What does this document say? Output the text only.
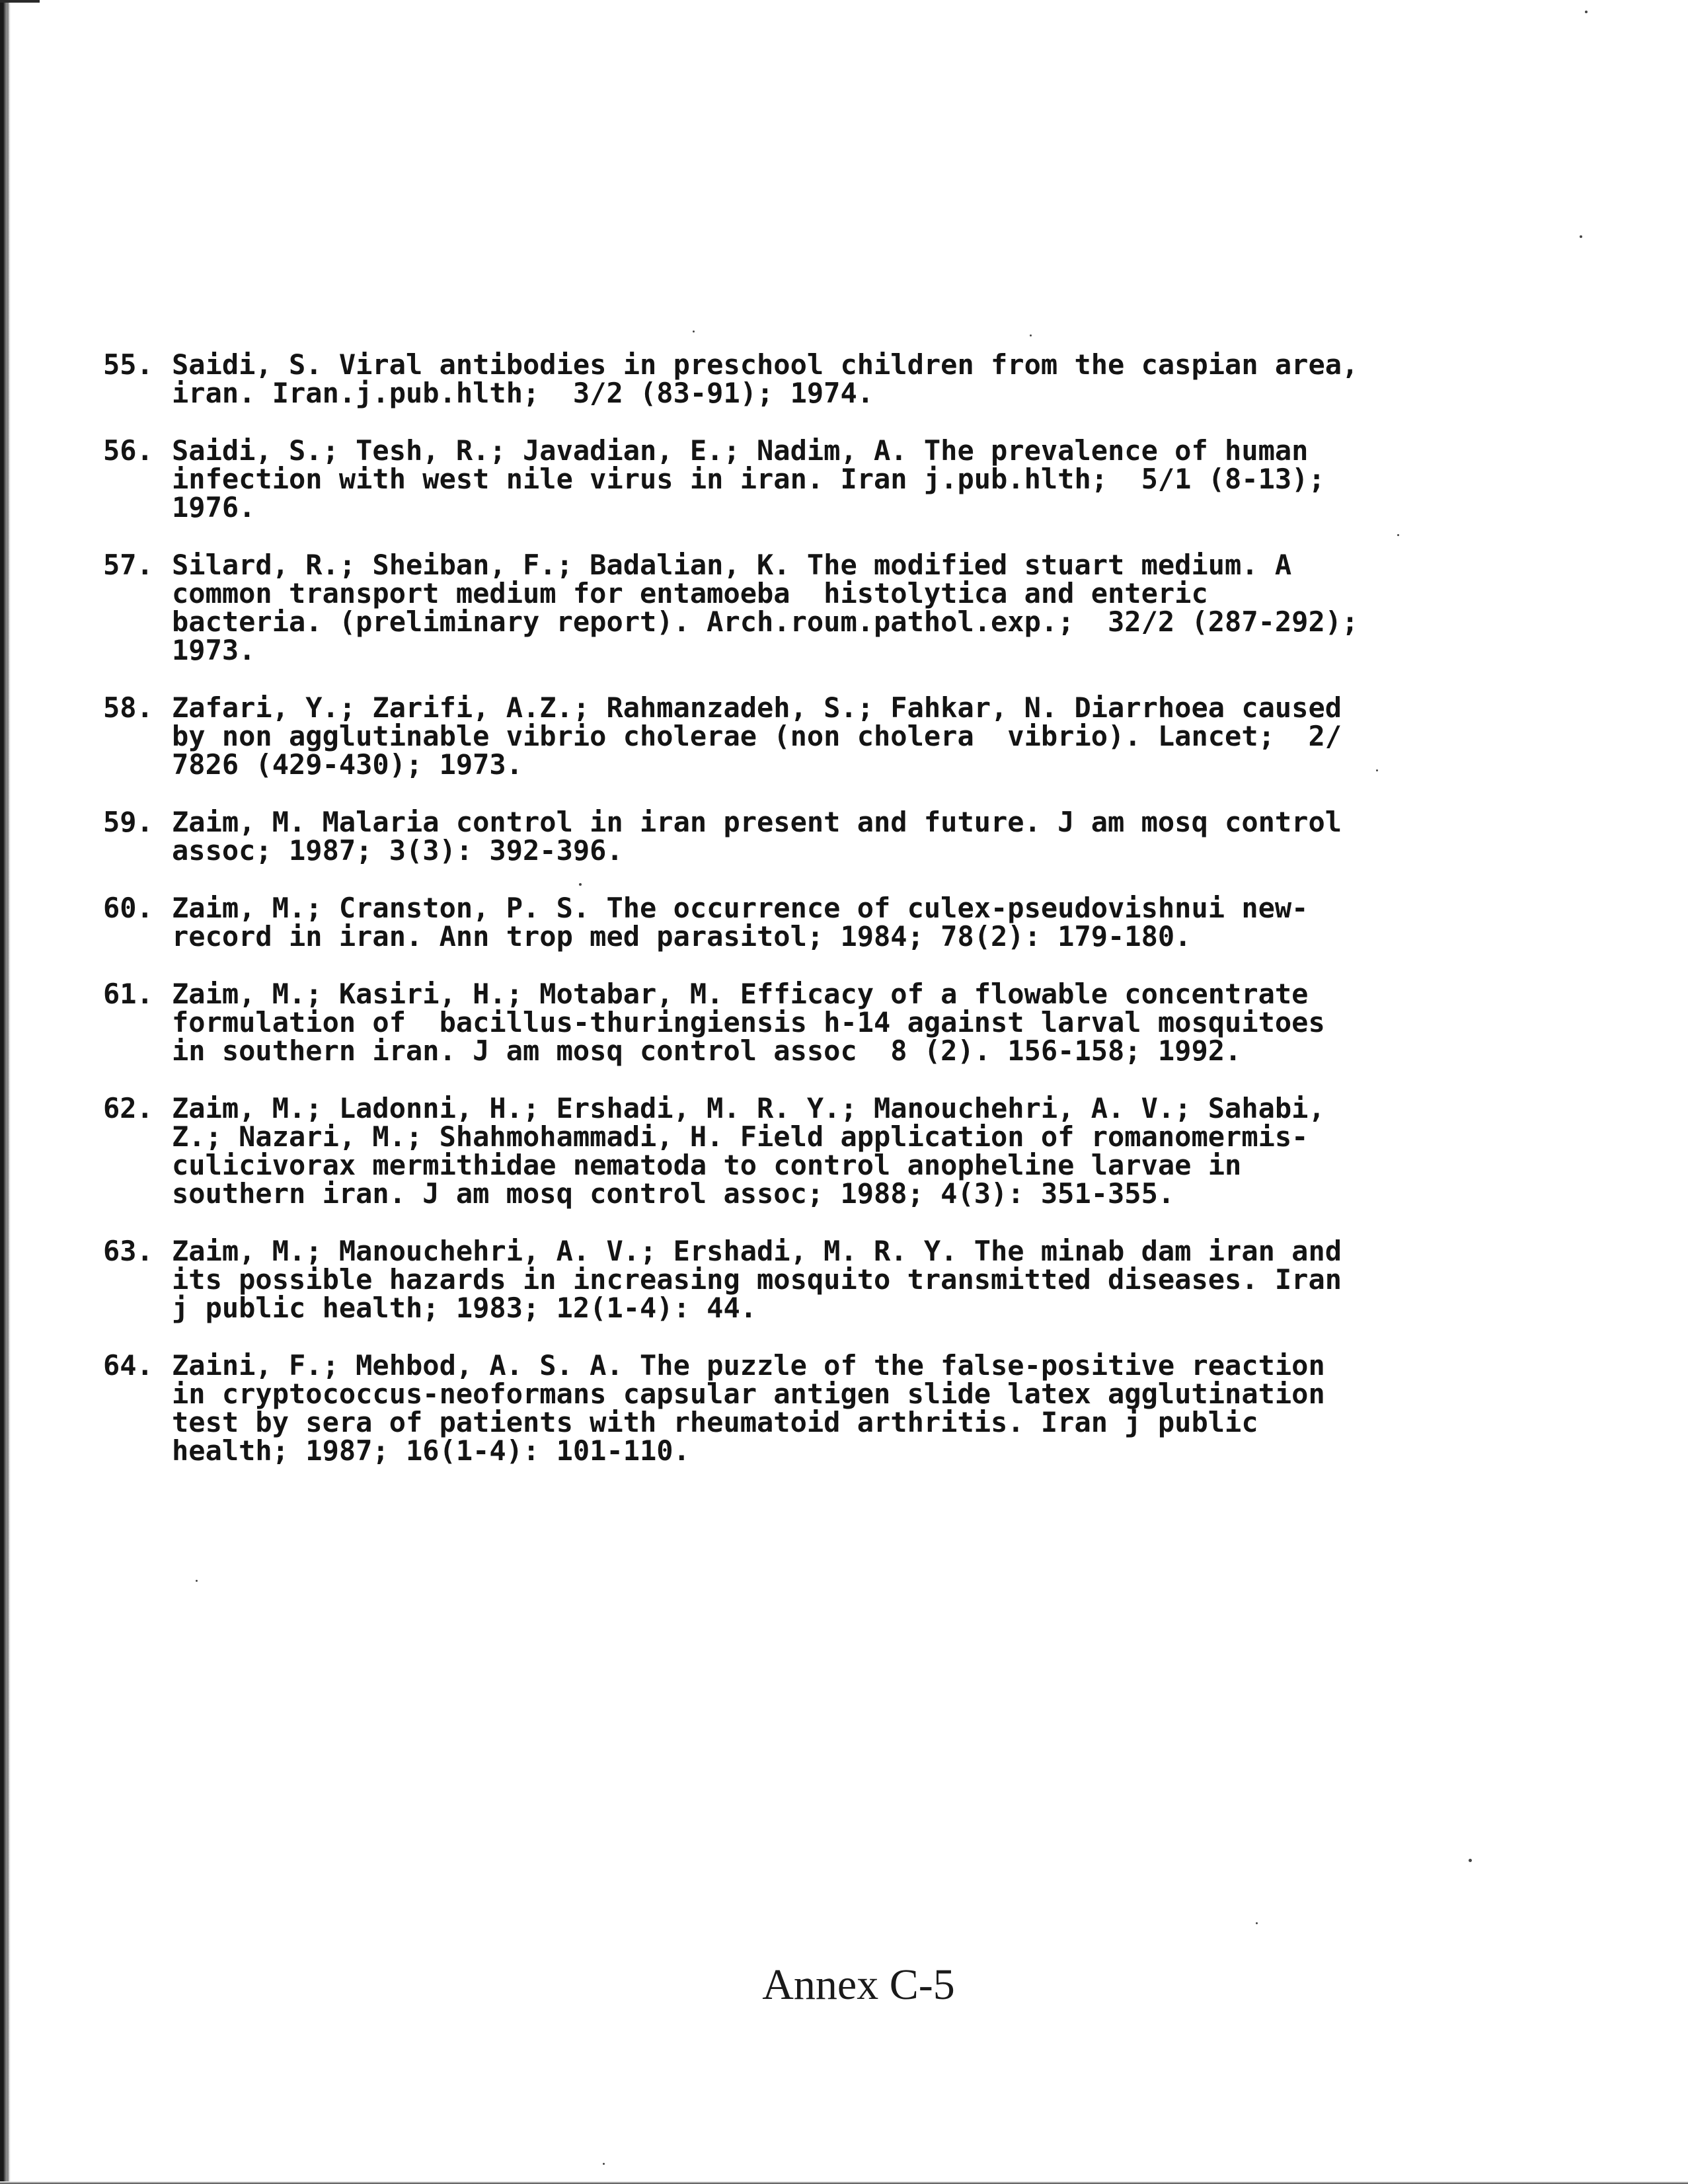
55. Saidi, S. Viral antibodies in preschool children from the caspian area,
iran. Iran.j.pub.hlth;  3/2 (83-91); 1974.
56. Saidi, S.; Tesh, R.; Javadian, E.; Nadim, A. The prevalence of human
infection with west nile virus in iran. Iran j.pub.hlth;  5/1 (8-13);
1976.
57. Silard, R.; Sheiban, F.; Badalian, K. The modified stuart medium. A
common transport medium for entamoeba  histolytica and enteric
bacteria. (preliminary report). Arch.roum.pathol.exp.;  32/2 (287-292);
1973.
58. Zafari, Y.; Zarifi, A.Z.; Rahmanzadeh, S.; Fahkar, N. Diarrhoea caused
by non agglutinable vibrio cholerae (non cholera  vibrio). Lancet;  2/
7826 (429-430); 1973.
59. Zaim, M. Malaria control in iran present and future. J am mosq control
assoc; 1987; 3(3): 392-396.
60. Zaim, M.; Cranston, P. S. The occurrence of culex-pseudovishnui new-
record in iran. Ann trop med parasitol; 1984; 78(2): 179-180.
61. Zaim, M.; Kasiri, H.; Motabar, M. Efficacy of a flowable concentrate
formulation of  bacillus-thuringiensis h-14 against larval mosquitoes
in southern iran. J am mosq control assoc  8 (2). 156-158; 1992.
62. Zaim, M.; Ladonni, H.; Ershadi, M. R. Y.; Manouchehri, A. V.; Sahabi,
Z.; Nazari, M.; Shahmohammadi, H. Field application of romanomermis-
culicivorax mermithidae nematoda to control anopheline larvae in
southern iran. J am mosq control assoc; 1988; 4(3): 351-355.
63. Zaim, M.; Manouchehri, A. V.; Ershadi, M. R. Y. The minab dam iran and
its possible hazards in increasing mosquito transmitted diseases. Iran
j public health; 1983; 12(1-4): 44.
64. Zaini, F.; Mehbod, A. S. A. The puzzle of the false-positive reaction
in cryptococcus-neoformans capsular antigen slide latex agglutination
test by sera of patients with rheumatoid arthritis. Iran j public
health; 1987; 16(1-4): 101-110.
Annex C-5
